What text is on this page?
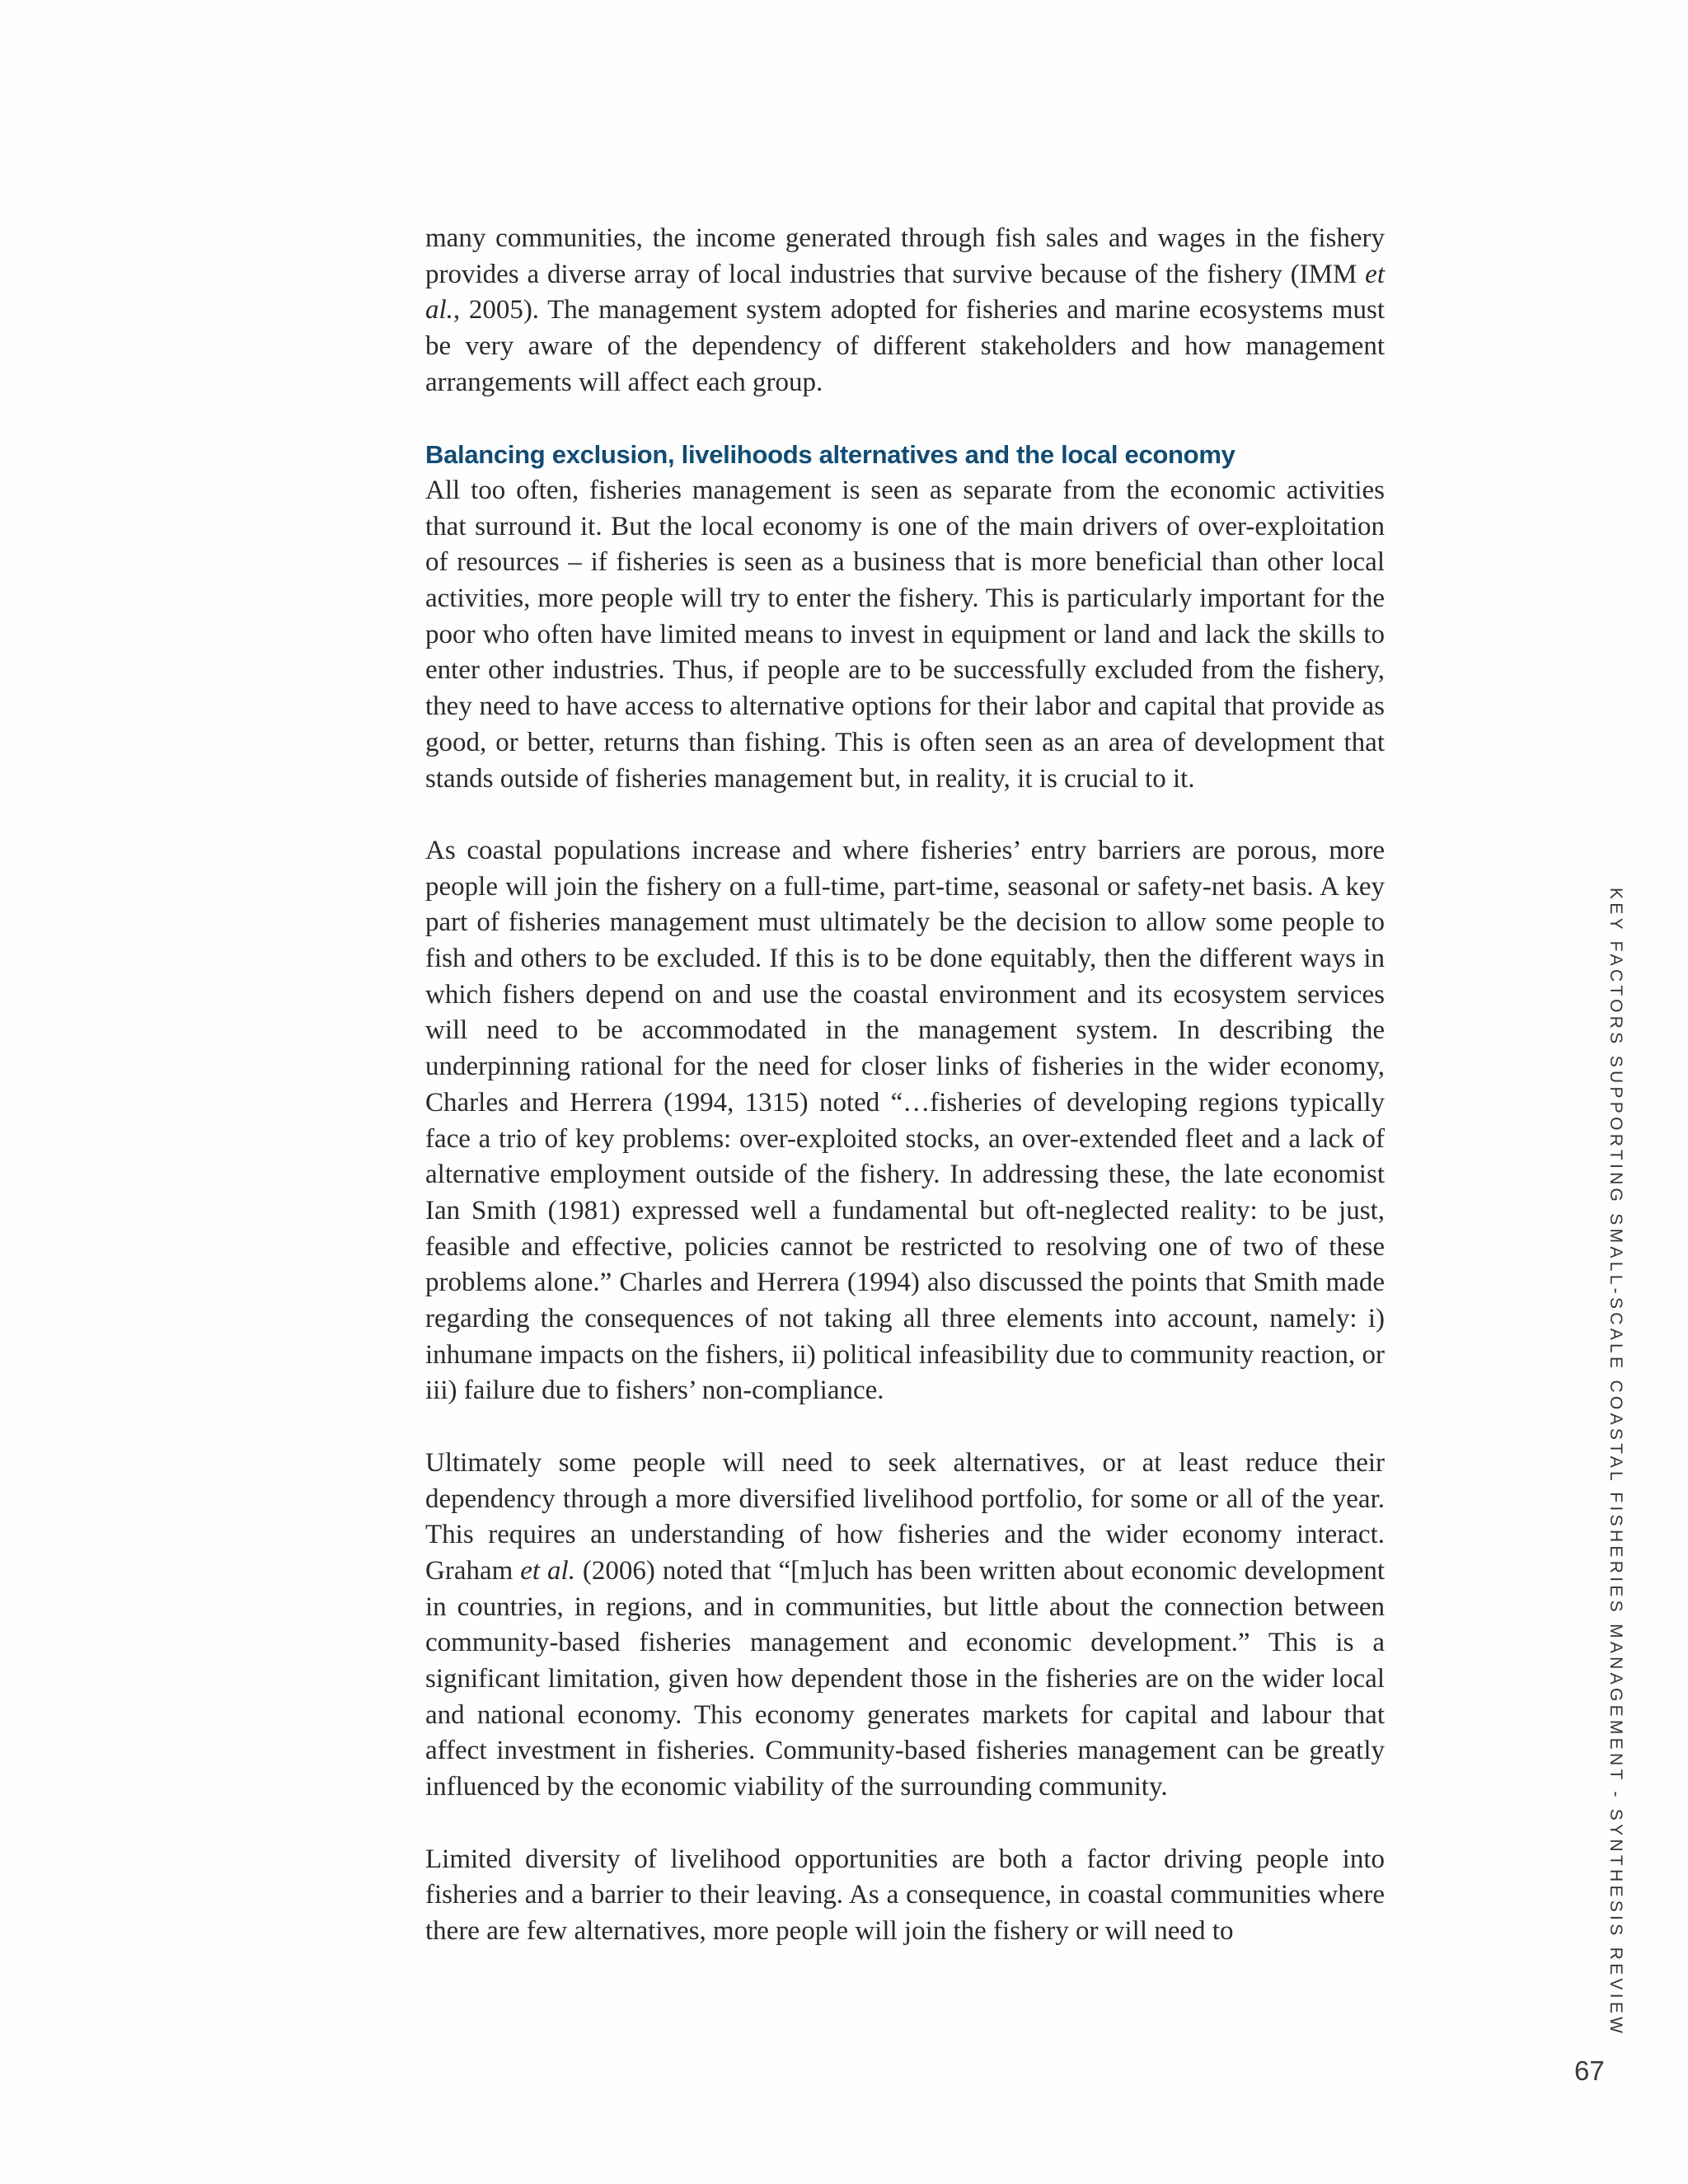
many communities, the income generated through fish sales and wages in the fishery provides a diverse array of local industries that survive because of the fishery (IMM et al., 2005). The management system adopted for fisheries and marine ecosystems must be very aware of the dependency of different stakeholders and how management arrangements will affect each group.

Balancing exclusion, livelihoods alternatives and the local economy

All too often, fisheries management is seen as separate from the economic activities that surround it. But the local economy is one of the main drivers of over-exploitation of resources – if fisheries is seen as a business that is more beneficial than other local activities, more people will try to enter the fishery. This is particularly important for the poor who often have limited means to invest in equipment or land and lack the skills to enter other industries. Thus, if people are to be successfully excluded from the fishery, they need to have access to alternative options for their labor and capital that provide as good, or better, returns than fishing. This is often seen as an area of development that stands outside of fisheries management but, in reality, it is crucial to it.

As coastal populations increase and where fisheries’ entry barriers are porous, more people will join the fishery on a full-time, part-time, seasonal or safety-net basis. A key part of fisheries management must ultimately be the decision to allow some people to fish and others to be excluded. If this is to be done equitably, then the different ways in which fishers depend on and use the coastal environment and its ecosystem services will need to be accommodated in the management system. In describing the underpinning rational for the need for closer links of fisheries in the wider economy, Charles and Herrera (1994, 1315) noted “…fisheries of developing regions typically face a trio of key problems: over-exploited stocks, an over-extended fleet and a lack of alternative employment outside of the fishery. In addressing these, the late economist Ian Smith (1981) expressed well a fundamental but oft-neglected reality: to be just, feasible and effective, policies cannot be restricted to resolving one of two of these problems alone.” Charles and Herrera (1994) also discussed the points that Smith made regarding the consequences of not taking all three elements into account, namely: i) inhumane impacts on the fishers, ii) political infeasibility due to community reaction, or iii) failure due to fishers’ non-compliance.

Ultimately some people will need to seek alternatives, or at least reduce their dependency through a more diversified livelihood portfolio, for some or all of the year. This requires an understanding of how fisheries and the wider economy interact. Graham et al. (2006) noted that “[m]uch has been written about economic development in countries, in regions, and in communities, but little about the connection between community-based fisheries management and economic development.” This is a significant limitation, given how dependent those in the fisheries are on the wider local and national economy. This economy generates markets for capital and labour that affect investment in fisheries. Community-based fisheries management can be greatly influenced by the economic viability of the surrounding community.

Limited diversity of livelihood opportunities are both a factor driving people into fisheries and a barrier to their leaving. As a consequence, in coastal communities where there are few alternatives, more people will join the fishery or will need to	KEY FACTORS SUPPORTING SMALL-SCALE COASTAL FISHERIES MANAGEMENT - SYNTHESIS REVIEW
67
